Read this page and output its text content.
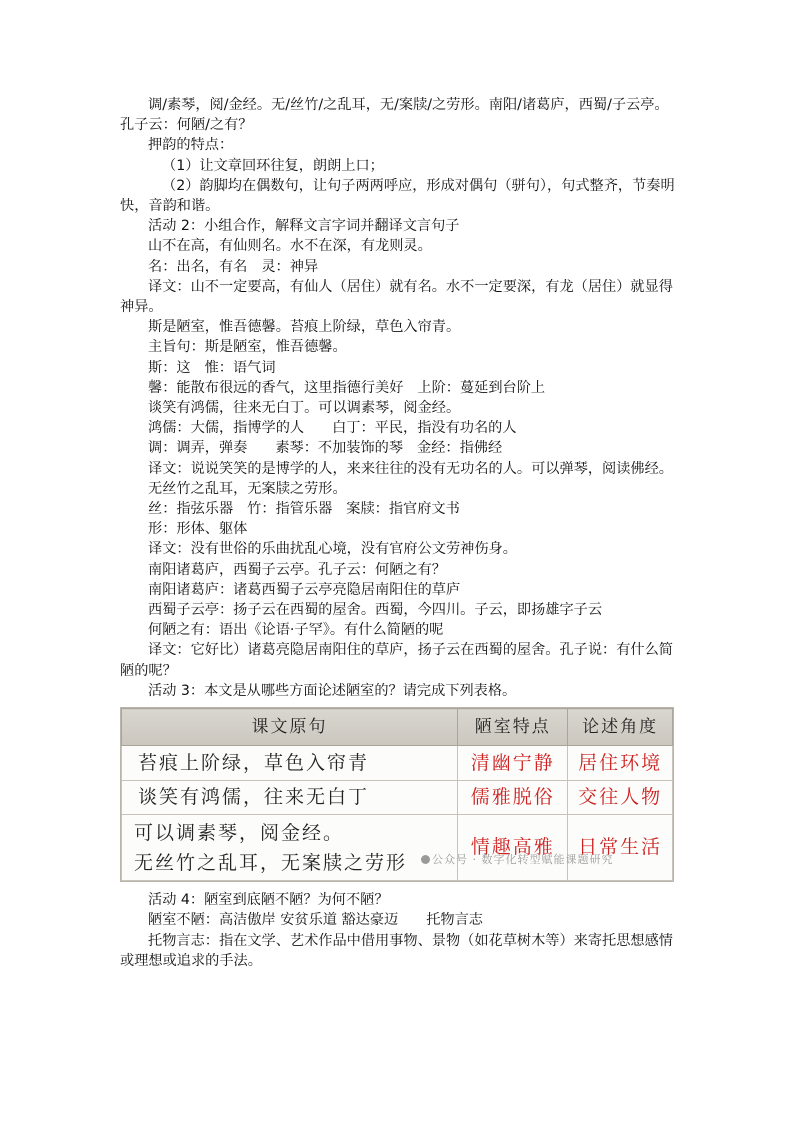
调/素琴，阅/金经。无/丝竹/之乱耳，无/案牍/之劳形。南阳/诸葛庐，西蜀/子云亭。孔子云：何陋/之有？

押韵的特点：

（1）让文章回环往复，朗朗上口；

（2）韵脚均在偶数句，让句子两两呼应，形成对偶句（骈句），句式整齐，节奏明快，音韵和谐。

活动 2：小组合作，解释文言字词并翻译文言句子

山不在高，有仙则名。水不在深，有龙则灵。

名：出名，有名 灵：神异

译文：山不一定要高，有仙人（居住）就有名。水不一定要深，有龙（居住）就显得神异。

斯是陋室，惟吾德馨。苔痕上阶绿，草色入帘青。

主旨句：斯是陋室，惟吾德馨。

斯：这 惟：语气词

馨：能散布很远的香气，这里指德行美好 上阶：蔓延到台阶上

谈笑有鸿儒，往来无白丁。可以调素琴，阅金经。

鸿儒：大儒，指博学的人 白丁：平民，指没有功名的人

调：调弄，弹奏 素琴：不加装饰的琴 金经：指佛经

译文：说说笑笑的是博学的人，来来往往的没有无功名的人。可以弹琴，阅读佛经。

无丝竹之乱耳，无案牍之劳形。

丝：指弦乐器 竹：指管乐器 案牍：指官府文书

形：形体、躯体

译文：没有世俗的乐曲扰乱心境，没有官府公文劳神伤身。

南阳诸葛庐，西蜀子云亭。孔子云：何陋之有？

南阳诸葛庐：诸葛西蜀子云亭亮隐居南阳住的草庐

西蜀子云亭：扬子云在西蜀的屋舍。西蜀，今四川。子云，即扬雄字子云

何陋之有：语出《论语·子罕》。有什么简陋的呢

译文：它好比）诸葛亮隐居南阳住的草庐，扬子云在西蜀的屋舍。孔子说：有什么简陋的呢？

活动 3：本文是从哪些方面论述陋室的？请完成下列表格。

课文原句	陋室特点	论述角度
苔痕上阶绿，草色入帘青	清幽宁静	居住环境
谈笑有鸿儒，往来无白丁	儒雅脱俗	交往人物

可以调素琴，阅金经。
无丝竹之乱耳，无案牍之劳形	情趣高雅	日常生活
公众号 · 数字化转型赋能课题研究

活动 4：陋室到底陋不陋？为何不陋？

陋室不陋：高洁傲岸 安贫乐道 豁达豪迈 托物言志

托物言志：指在文学、艺术作品中借用事物、景物（如花草树木等）来寄托思想感情或理想或追求的手法。
